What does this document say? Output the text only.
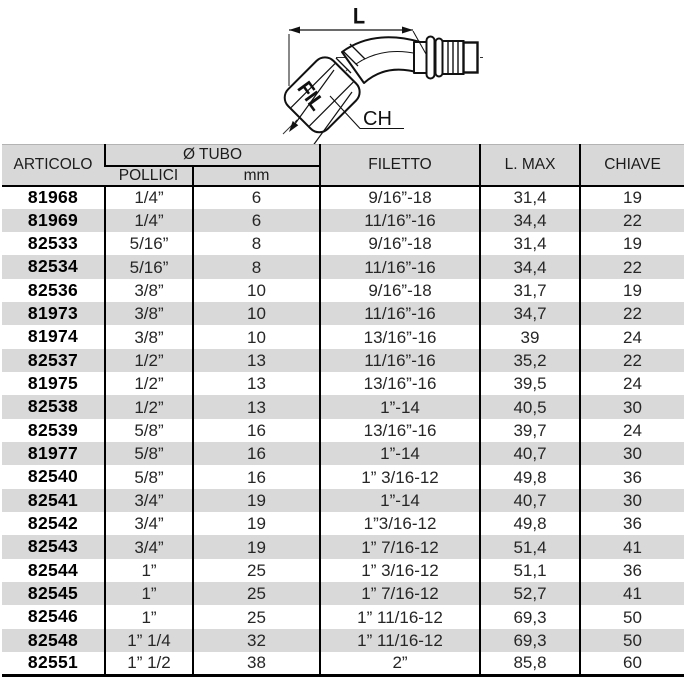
L
FIL
CH
ARTICOLO	Ø TUBO		FILETTO	L. MAX	CHIAVE
	POLLICI	mm			
81968	1/4”	6	9/16”-18	31,4	19
81969	1/4”	6	11/16”-16	34,4	22
82533	5/16”	8	9/16”-18	31,4	19
82534	5/16”	8	11/16”-16	34,4	22
82536	3/8”	10	9/16”-18	31,7	19
81973	3/8”	10	11/16”-16	34,7	22
81974	3/8”	10	13/16”-16	39	24
82537	1/2”	13	11/16”-16	35,2	22
81975	1/2”	13	13/16”-16	39,5	24
82538	1/2”	13	1”-14	40,5	30
82539	5/8”	16	13/16”-16	39,7	24
81977	5/8”	16	1”-14	40,7	30
82540	5/8”	16	1” 3/16-12	49,8	36
82541	3/4”	19	1”-14	40,7	30
82542	3/4”	19	1”3/16-12	49,8	36
82543	3/4”	19	1” 7/16-12	51,4	41
82544	1”	25	1” 3/16-12	51,1	36
82545	1”	25	1” 7/16-12	52,7	41
82546	1”	25	1” 11/16-12	69,3	50
82548	1” 1/4	32	1” 11/16-12	69,3	50
82551	1” 1/2	38	2”	85,8	60
